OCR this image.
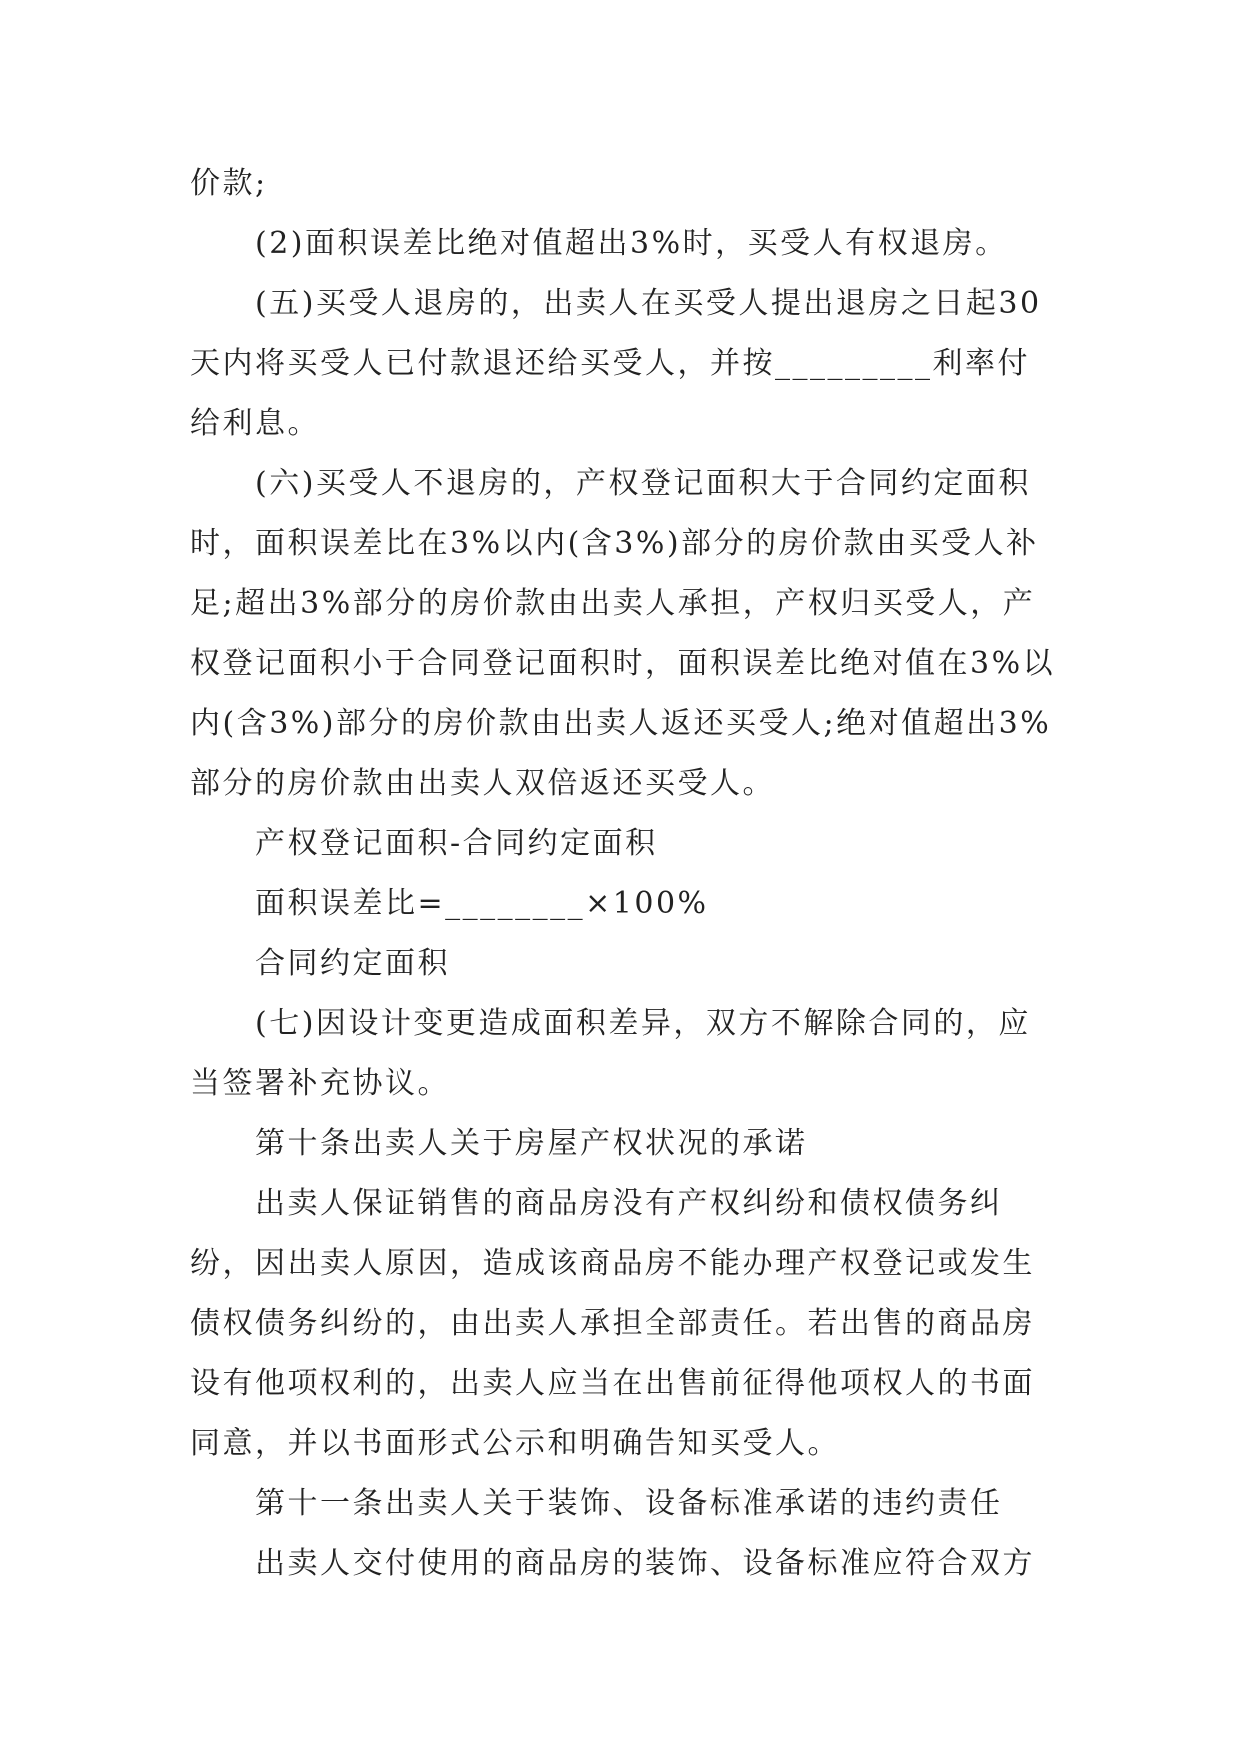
价款;
(2)面积误差比绝对值超出3%时，买受人有权退房。
(五)买受人退房的，出卖人在买受人提出退房之日起30
天内将买受人已付款退还给买受人，并按_________利率付
给利息。
(六)买受人不退房的，产权登记面积大于合同约定面积
时，面积误差比在3%以内(含3%)部分的房价款由买受人补
足;超出3%部分的房价款由出卖人承担，产权归买受人，产
权登记面积小于合同登记面积时，面积误差比绝对值在3%以
内(含3%)部分的房价款由出卖人返还买受人;绝对值超出3%
部分的房价款由出卖人双倍返还买受人。
产权登记面积-合同约定面积
面积误差比=________×100%
合同约定面积
(七)因设计变更造成面积差异，双方不解除合同的，应
当签署补充协议。
第十条出卖人关于房屋产权状况的承诺
出卖人保证销售的商品房没有产权纠纷和债权债务纠
纷，因出卖人原因，造成该商品房不能办理产权登记或发生
债权债务纠纷的，由出卖人承担全部责任。若出售的商品房
设有他项权利的，出卖人应当在出售前征得他项权人的书面
同意，并以书面形式公示和明确告知买受人。
第十一条出卖人关于装饰、设备标准承诺的违约责任
出卖人交付使用的商品房的装饰、设备标准应符合双方
